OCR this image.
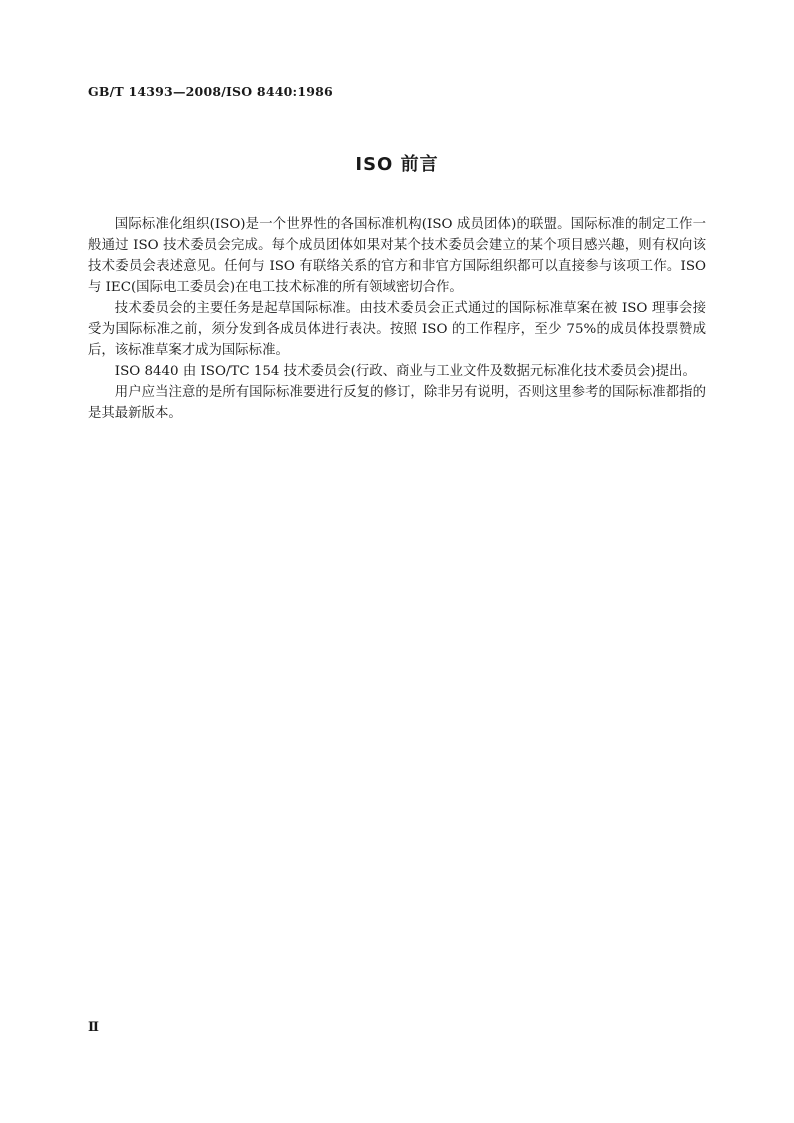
GB/T 14393—2008/ISO 8440:1986
ISO 前言

国际标准化组织(ISO)是一个世界性的各国标准机构(ISO 成员团体)的联盟。国际标准的制定工作一般通过 ISO 技术委员会完成。每个成员团体如果对某个技术委员会建立的某个项目感兴趣，则有权向该技术委员会表述意见。任何与 ISO 有联络关系的官方和非官方国际组织都可以直接参与该项工作。ISO 与 IEC(国际电工委员会)在电工技术标准的所有领域密切合作。

技术委员会的主要任务是起草国际标准。由技术委员会正式通过的国际标准草案在被 ISO 理事会接受为国际标准之前，须分发到各成员体进行表决。按照 ISO 的工作程序，至少 75%的成员体投票赞成后，该标准草案才成为国际标准。

ISO 8440 由 ISO/TC 154 技术委员会(行政、商业与工业文件及数据元标准化技术委员会)提出。

用户应当注意的是所有国际标准要进行反复的修订，除非另有说明，否则这里参考的国际标准都指的是其最新版本。

Ⅱ
